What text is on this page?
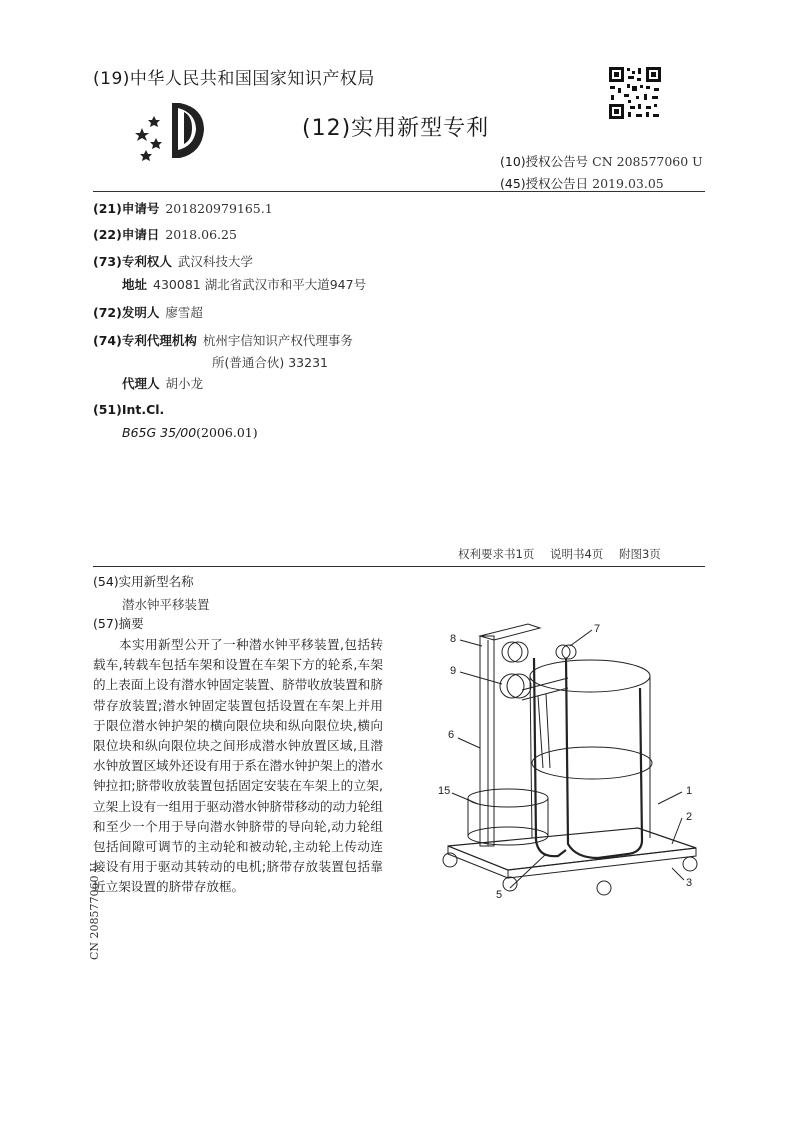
(19)中华人民共和国国家知识产权局
(12)实用新型专利
(10)授权公告号 CN 208577060 U
(45)授权公告日 2019.03.05
(21)申请号 201820979165.1
(22)申请日 2018.06.25
(73)专利权人 武汉科技大学
地址 430081 湖北省武汉市和平大道947号
(72)发明人 廖雪超
(74)专利代理机构 杭州宇信知识产权代理事务
所(普通合伙) 33231
代理人 胡小龙
(51)Int.Cl.
B65G 35/00(2006.01)
权利要求书1页 说明书4页 附图3页
(54)实用新型名称
潜水钟平移装置
(57)摘要
本实用新型公开了一种潜水钟平移装置,包括转载车,转载车包括车架和设置在车架下方的轮系,车架的上表面上设有潜水钟固定装置、脐带收放装置和脐带存放装置;潜水钟固定装置包括设置在车架上并用于限位潜水钟护架的横向限位块和纵向限位块,横向限位块和纵向限位块之间形成潜水钟放置区域,且潜水钟放置区域外还设有用于系在潜水钟护架上的潜水钟拉扣;脐带收放装置包括固定安装在车架上的立架,立架上设有一组用于驱动潜水钟脐带移动的动力轮组和至少一个用于导向潜水钟脐带的导向轮,动力轮组包括间隙可调节的主动轮和被动轮,主动轮上传动连接设有用于驱动其转动的电机;脐带存放装置包括靠近立架设置的脐带存放框。
8
7
9
6
15	1
2
3
5
CN 208577060 U
